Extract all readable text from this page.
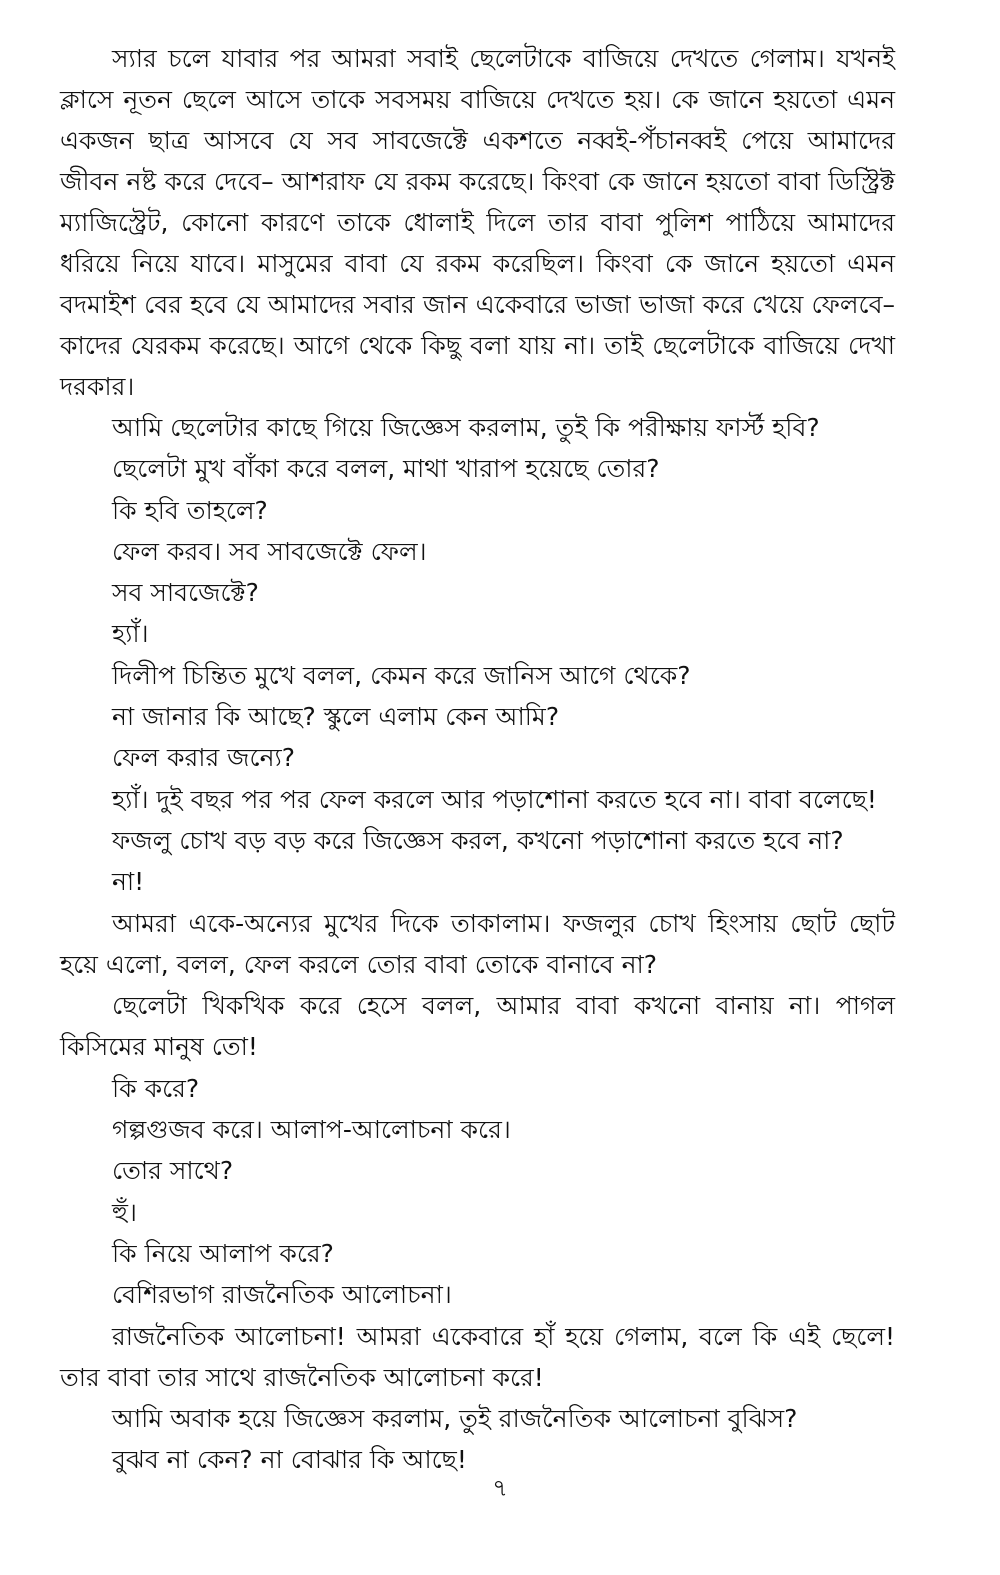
স্যার চলে যাবার পর আমরা সবাই ছেলেটাকে বাজিয়ে দেখতে গেলাম। যখনই ক্লাসে নূতন ছেলে আসে তাকে সবসময় বাজিয়ে দেখতে হয়। কে জানে হয়তো এমন একজন ছাত্র আসবে যে সব সাবজেক্টে একশতে নব্বই-পঁচানব্বই পেয়ে আমাদের জীবন নষ্ট করে দেবে– আশরাফ যে রকম করেছে। কিংবা কে জানে হয়তো বাবা ডিস্ট্রিক্ট ম্যাজিস্ট্রেট, কোনো কারণে তাকে ধোলাই দিলে তার বাবা পুলিশ পাঠিয়ে আমাদের ধরিয়ে নিয়ে যাবে। মাসুমের বাবা যে রকম করেছিল। কিংবা কে জানে হয়তো এমন বদমাইশ বের হবে যে আমাদের সবার জান একেবারে ভাজা ভাজা করে খেয়ে ফেলবে– কাদের যেরকম করেছে। আগে থেকে কিছু বলা যায় না। তাই ছেলেটাকে বাজিয়ে দেখা দরকার।

আমি ছেলেটার কাছে গিয়ে জিজ্ঞেস করলাম, তুই কি পরীক্ষায় ফার্স্ট হবি?

ছেলেটা মুখ বাঁকা করে বলল, মাথা খারাপ হয়েছে তোর?

কি হবি তাহলে?

ফেল করব। সব সাবজেক্টে ফেল।

সব সাবজেক্টে?

হ্যাঁ।

দিলীপ চিন্তিত মুখে বলল, কেমন করে জানিস আগে থেকে?

না জানার কি আছে? স্কুলে এলাম কেন আমি?

ফেল করার জন্যে?

হ্যাঁ। দুই বছর পর পর ফেল করলে আর পড়াশোনা করতে হবে না। বাবা বলেছে!

ফজলু চোখ বড় বড় করে জিজ্ঞেস করল, কখনো পড়াশোনা করতে হবে না?

না!

আমরা একে-অন্যের মুখের দিকে তাকালাম। ফজলুর চোখ হিংসায় ছোট ছোট হয়ে এলো, বলল, ফেল করলে তোর বাবা তোকে বানাবে না?

ছেলেটা খিকখিক করে হেসে বলল, আমার বাবা কখনো বানায় না। পাগল কিসিমের মানুষ তো!

কি করে?

গল্পগুজব করে। আলাপ-আলোচনা করে।

তোর সাথে?

হুঁ।

কি নিয়ে আলাপ করে?

বেশিরভাগ রাজনৈতিক আলোচনা।

রাজনৈতিক আলোচনা! আমরা একেবারে হাঁ হয়ে গেলাম, বলে কি এই ছেলে! তার বাবা তার সাথে রাজনৈতিক আলোচনা করে!

আমি অবাক হয়ে জিজ্ঞেস করলাম, তুই রাজনৈতিক আলোচনা বুঝিস?

বুঝব না কেন? না বোঝার কি আছে!

৭
